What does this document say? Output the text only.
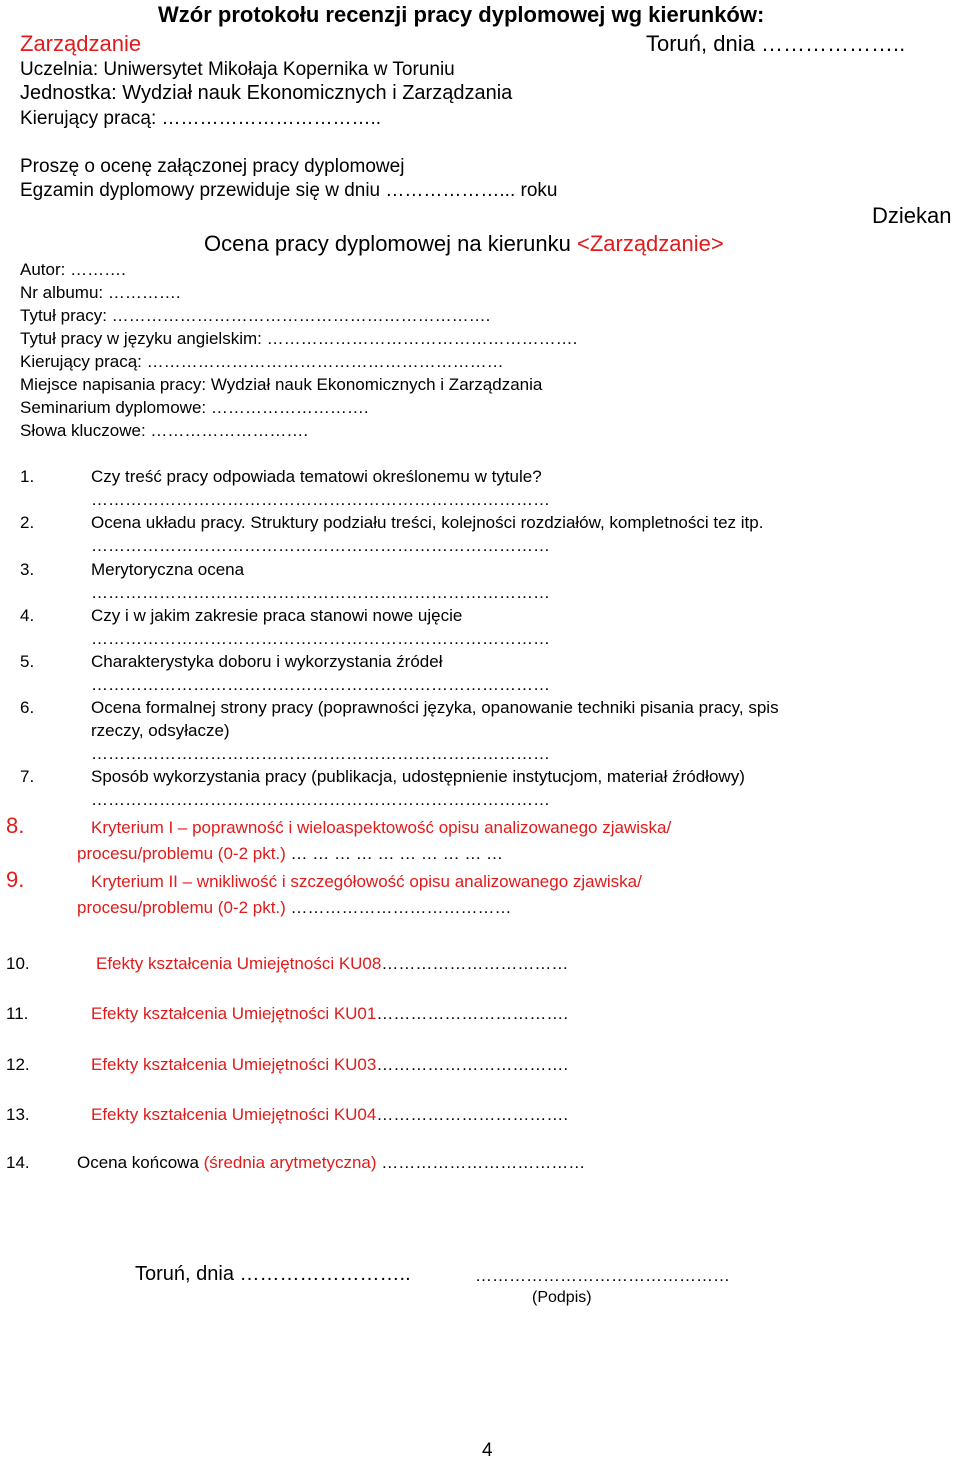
Wzór protokołu recenzji pracy dyplomowej wg kierunków:
Zarządzanie	Toruń, dnia ………………..
Uczelnia: Uniwersytet Mikołaja Kopernika w Toruniu
Jednostka: Wydział nauk Ekonomicznych i Zarządzania
Kierujący pracą: ……………………………..
Proszę o ocenę załączonej pracy dyplomowej
Egzamin dyplomowy przewiduje się w dniu ………………... roku
Dziekan
Ocena pracy dyplomowej na kierunku <Zarządzanie>
Autor: ……….
Nr albumu: ………….
Tytuł pracy: ………………………………………………………….
Tytuł pracy w języku angielskim: ……………………………………………….
Kierujący pracą: ………………………………………………………
Miejsce napisania pracy: Wydział nauk Ekonomicznych i Zarządzania
Seminarium dyplomowe: ……………………….
Słowa kluczowe: ……………………….
1.	Czy treść pracy odpowiada tematowi określonemu w tytule?
………………………………………………………………………
2.	Ocena układu pracy. Struktury podziału treści, kolejności rozdziałów, kompletności tez itp.
………………………………………………………………………
3.	Merytoryczna ocena
………………………………………………………………………
4.	Czy i w jakim zakresie praca stanowi nowe ujęcie
………………………………………………………………………
5.	Charakterystyka doboru i wykorzystania źródeł
………………………………………………………………………
6.	Ocena formalnej strony pracy (poprawności języka, opanowanie techniki pisania pracy, spis
rzeczy, odsyłacze)
………………………………………………………………………
7.	Sposób wykorzystania pracy (publikacja, udostępnienie instytucjom, materiał źródłowy)
………………………………………………………………………
8.	Kryterium I – poprawność i wieloaspektowość opisu analizowanego zjawiska/
procesu/problemu (0-2 pkt.) … … … … … … … … … …
9.	Kryterium II – wnikliwość i szczegółowość opisu analizowanego zjawiska/
procesu/problemu (0-2 pkt.) …………………………………
10.	Efekty kształcenia Umiejętności KU08……………………………
11.	Efekty kształcenia Umiejętności KU01…………………………….
12.	Efekty kształcenia Umiejętności KU03…………………………….
13.	Efekty kształcenia Umiejętności KU04…………………………….
14.	Ocena końcowa (średnia arytmetyczna) ………………………………
Toruń, dnia ……………………..	………………………………………
(Podpis)
4
